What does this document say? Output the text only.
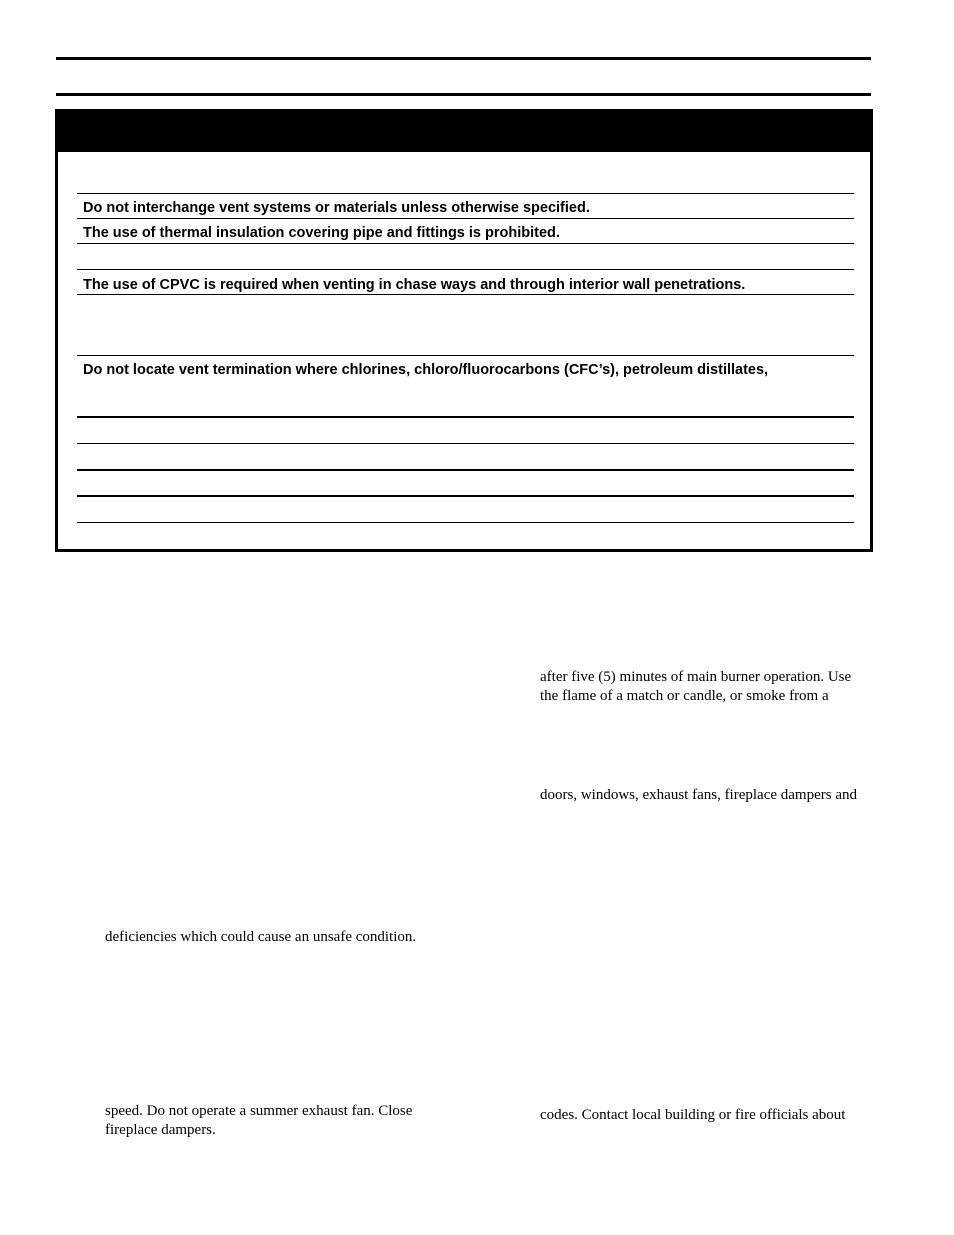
Do not interchange vent systems or materials unless otherwise specified.
The use of thermal insulation covering pipe and fittings is prohibited.
The use of CPVC is required when venting in chase ways and through interior wall penetrations.
Do not locate vent termination where chlorines, chloro/fluorocarbons (CFC’s), petroleum distillates,
deficiencies which could cause an unsafe condition.
speed. Do not operate a summer exhaust fan. Close
fireplace dampers.
after five (5) minutes of main burner operation. Use
the flame of a match or candle, or smoke from a
doors, windows, exhaust fans, fireplace dampers and
codes. Contact local building or fire officials about
